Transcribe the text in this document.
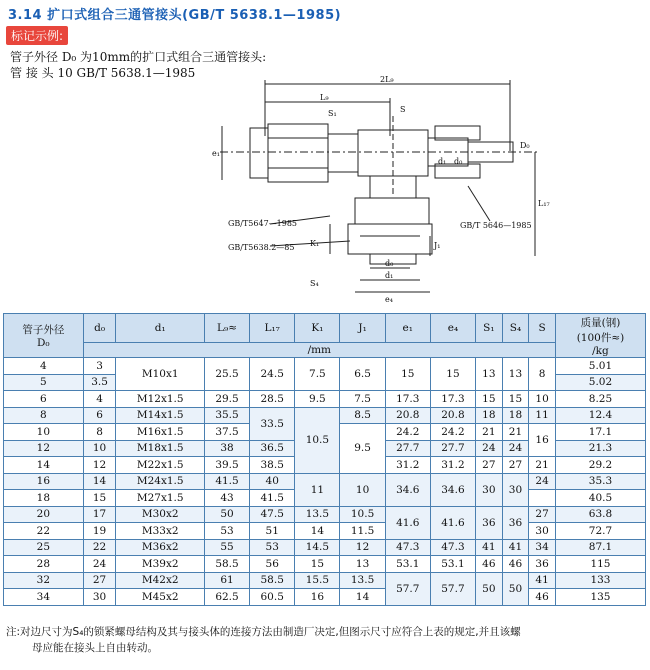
3.14 扩口式组合三通管接头(GB/T 5638.1—1985)
标记示例:
管子外径 D₀ 为10mm的扩口式组合三通管接头:
管 接 头 10 GB/T 5638.1—1985	2L₉
L₉
S₁	S
e₁
d₁ d₀
D₀
L₁₇
K₁	J₁
S₄
d₀
d₁
e₄
GB/T5647—1985
GB/T5638.2—85
GB/T 5646—1985
管子外径
D₀	d₀	d₁	L₉≈	L₁₇	K₁	J₁	e₁	e₄	S₁	S₄	S	质量(钢)
(100件≈)
/kg
	/mm											
4	3	M10x1	25.5	24.5	7.5	6.5	15	15	13	13	8	5.01
5	3.5											5.02
6	4	M12x1.5	29.5	28.5	9.5	7.5	17.3	17.3	15	15	10	8.25
8	6	M14x1.5	35.5	33.5	10.5	8.5	20.8	20.8	18	18	11	12.4
10	8	M16x1.5	37.5			9.5	24.2	24.2	21	21	16	17.1
12	10	M18x1.5	38	36.5			27.7	27.7	24	24		21.3
14	12	M22x1.5	39.5	38.5			31.2	31.2	27	27	21	29.2
16	14	M24x1.5	41.5	40	11	10	34.6	34.6	30	30	24	35.3
18	15	M27x1.5	43	41.5								40.5
20	17	M30x2	50	47.5	13.5	10.5	41.6	41.6	36	36	27	63.8
22	19	M33x2	53	51	14	11.5					30	72.7
25	22	M36x2	55	53	14.5	12	47.3	47.3	41	41	34	87.1
28	24	M39x2	58.5	56	15	13	53.1	53.1	46	46	36	115
32	27	M42x2	61	58.5	15.5	13.5	57.7	57.7	50	50	41	133
34	30	M45x2	62.5	60.5	16	14					46	135
注:对边尺寸为S₄的锁紧螺母结构及其与接头体的连接方法由制造厂决定,但图示尺寸应符合上表的规定,并且该螺
母应能在接头上自由转动。
